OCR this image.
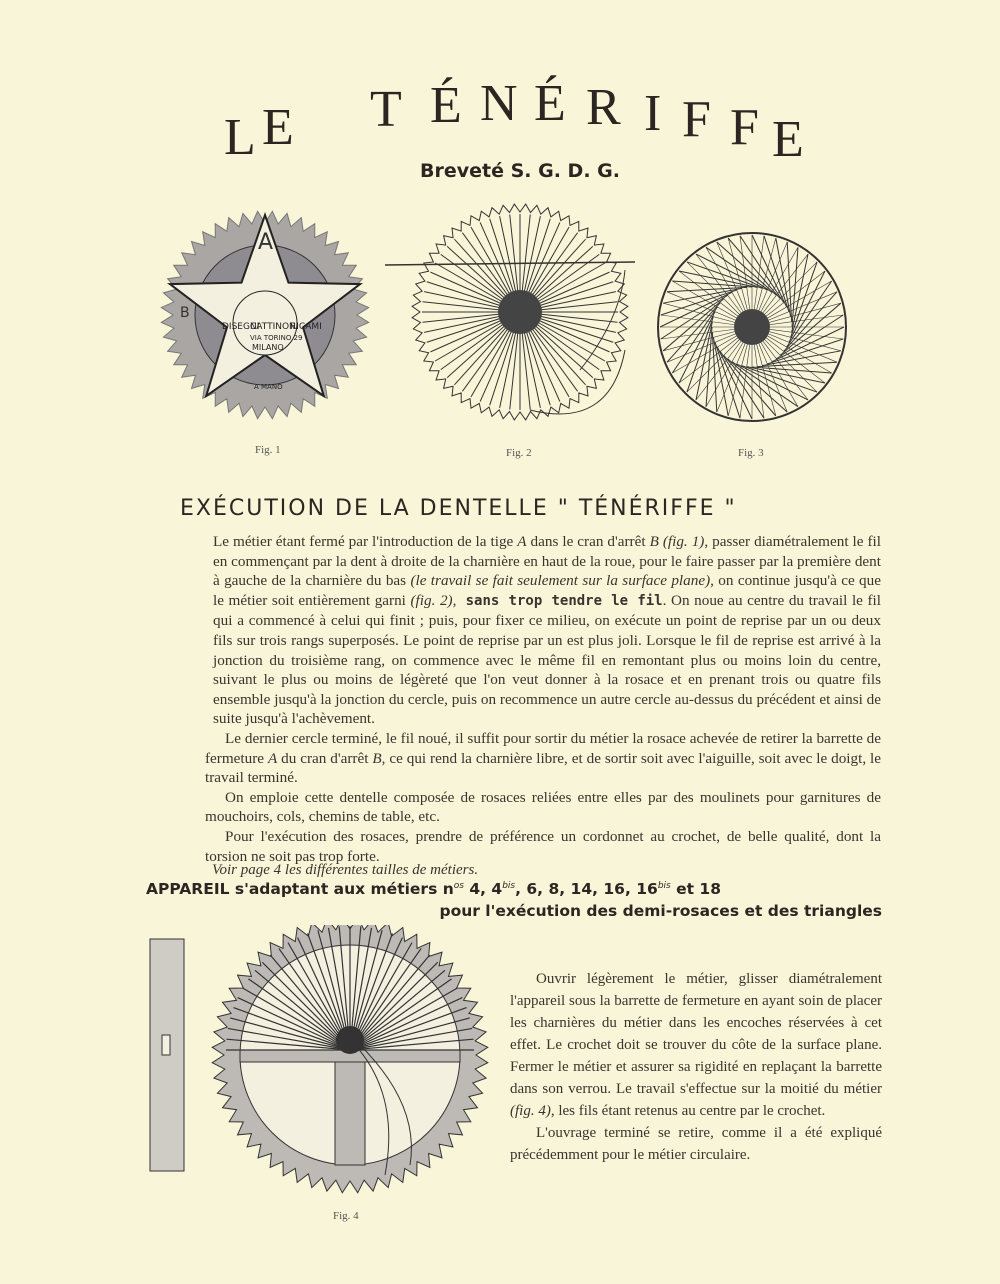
L E T É N É R I F F E
Breveté S. G. D. G.
B
A
DISEGNI
CATTINONI
RICAMI
VIA TORINO 29
MILANO
A MANO
Fig. 1	Fig. 2	Fig. 3
EXÉCUTION DE LA DENTELLE " TÉNÉRIFFE "

Le métier étant fermé par l'introduction de la tige A dans le cran d'arrêt B (fig. 1), passer diamétralement le fil en commençant par la dent à droite de la charnière en haut de la roue, pour le faire passer par la première dent à gauche de la charnière du bas (le travail se fait seulement sur la surface plane), on continue jusqu'à ce que le métier soit entièrement garni (fig. 2), sans trop tendre le fil. On noue au centre du travail le fil qui a commencé à celui qui finit ; puis, pour fixer ce milieu, on exécute un point de reprise par un ou deux fils sur trois rangs superposés. Le point de reprise par un est plus joli. Lorsque le fil de reprise est arrivé à la jonction du troisième rang, on commence avec le même fil en remontant plus ou moins loin du centre, suivant le plus ou moins de légèreté que l'on veut donner à la rosace et en prenant trois ou quatre fils ensemble jusqu'à la jonction du cercle, puis on recommence un autre cercle au-dessus du précédent et ainsi de suite jusqu'à l'achèvement.

Le dernier cercle terminé, le fil noué, il suffit pour sortir du métier la rosace achevée de retirer la barrette de fermeture A du cran d'arrêt B, ce qui rend la charnière libre, et de sortir soit avec l'aiguille, soit avec le doigt, le travail terminé.

On emploie cette dentelle composée de rosaces reliées entre elles par des moulinets pour garnitures de mouchoirs, cols, chemins de table, etc.

Pour l'exécution des rosaces, prendre de préférence un cordonnet au crochet, de belle qualité, dont la torsion ne soit pas trop forte.

Voir page 4 les différentes tailles de métiers.
APPAREIL s'adaptant aux métiers $n^{os}$ 4, $4^{bis}$, 6, 8, 14, 16, $16^{bis}$ et 18
pour l'exécution des demi-rosaces et des triangles
Fig. 4

Ouvrir légèrement le métier, glisser diamétralement l'appareil sous la barrette de fermeture en ayant soin de placer les charnières du métier dans les encoches réservées à cet effet. Le crochet doit se trouver du côte de la surface plane. Fermer le métier et assurer sa rigidité en replaçant la barrette dans son verrou. Le travail s'effectue sur la moitié du métier (fig. 4), les fils étant retenus au centre par le crochet.

L'ouvrage terminé se retire, comme il a été expliqué précédemment pour le métier circulaire.
